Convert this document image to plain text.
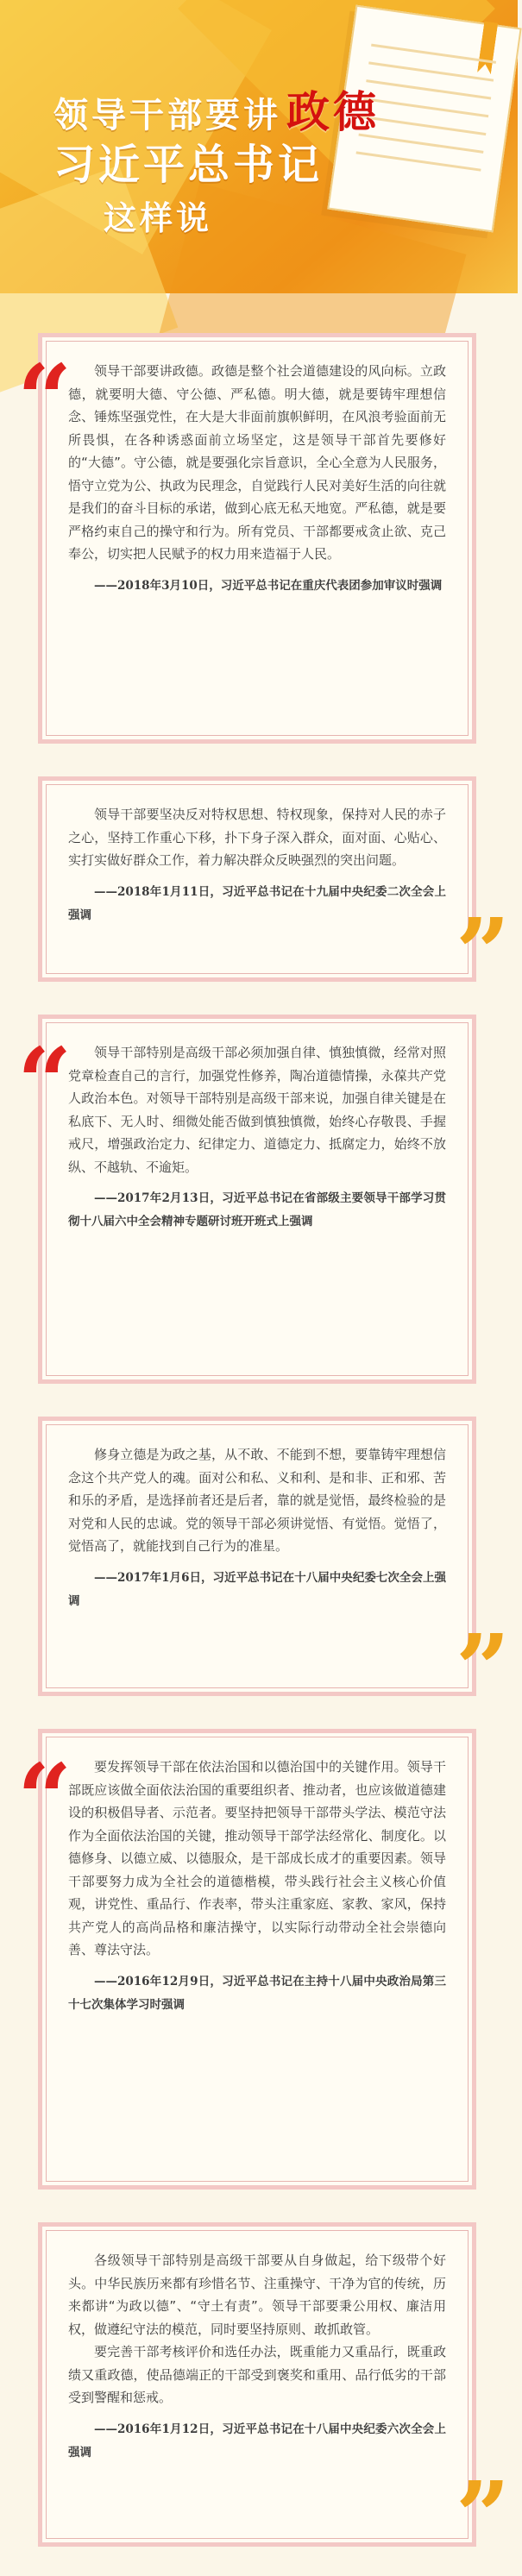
领导干部要讲 政德
习近平总书记
这样说

领导干部要讲政德。政德是整个社会道德建设的风向标。立政德，就要明大德、守公德、严私德。明大德，就是要铸牢理想信念、锤炼坚强党性，在大是大非面前旗帜鲜明，在风浪考验面前无所畏惧，在各种诱惑面前立场坚定，这是领导干部首先要修好的“大德”。守公德，就是要强化宗旨意识，全心全意为人民服务，悟守立党为公、执政为民理念，自觉践行人民对美好生活的向往就是我们的奋斗目标的承诺，做到心底无私天地宽。严私德，就是要严格约束自己的操守和行为。所有党员、干部都要戒贪止欲、克己奉公，切实把人民赋予的权力用来造福于人民。

——2018年3月10日，习近平总书记在重庆代表团参加审议时强调
“

领导干部要坚决反对特权思想、特权现象，保持对人民的赤子之心，坚持工作重心下移，扑下身子深入群众，面对面、心贴心、实打实做好群众工作，着力解决群众反映强烈的突出问题。

——2018年1月11日，习近平总书记在十九届中央纪委二次全会上强调	”

领导干部特别是高级干部必须加强自律、慎独慎微，经常对照党章检查自己的言行，加强党性修养，陶冶道德情操，永葆共产党人政治本色。对领导干部特别是高级干部来说，加强自律关键是在私底下、无人时、细微处能否做到慎独慎微，始终心存敬畏、手握戒尺，增强政治定力、纪律定力、道德定力、抵腐定力，始终不放纵、不越轨、不逾矩。

——2017年2月13日，习近平总书记在省部级主要领导干部学习贯彻十八届六中全会精神专题研讨班开班式上强调
“

修身立德是为政之基，从不敢、不能到不想，要靠铸牢理想信念这个共产党人的魂。面对公和私、义和利、是和非、正和邪、苦和乐的矛盾，是选择前者还是后者，靠的就是觉悟，最终检验的是对党和人民的忠诚。党的领导干部必须讲觉悟、有觉悟。觉悟了，觉悟高了，就能找到自己行为的准星。

——2017年1月6日，习近平总书记在十八届中央纪委七次全会上强调
”

要发挥领导干部在依法治国和以德治国中的关键作用。领导干部既应该做全面依法治国的重要组织者、推动者，也应该做道德建设的积极倡导者、示范者。要坚持把领导干部带头学法、模范守法作为全面依法治国的关键，推动领导干部学法经常化、制度化。以德修身、以德立威、以德服众，是干部成长成才的重要因素。领导干部要努力成为全社会的道德楷模，带头践行社会主义核心价值观，讲党性、重品行、作表率，带头注重家庭、家教、家风，保持共产党人的高尚品格和廉洁操守，以实际行动带动全社会崇德向善、尊法守法。

——2016年12月9日，习近平总书记在主持十八届中央政治局第三十七次集体学习时强调
“

各级领导干部特别是高级干部要从自身做起，给下级带个好头。中华民族历来都有珍惜名节、注重操守、干净为官的传统，历来都讲“为政以德”、“守土有责”。领导干部要秉公用权、廉洁用权，做遵纪守法的模范，同时要坚持原则、敢抓敢管。

要完善干部考核评价和选任办法，既重能力又重品行，既重政绩又重政德，使品德端正的干部受到褒奖和重用、品行低劣的干部受到警醒和惩戒。

——2016年1月12日，习近平总书记在十八届中央纪委六次全会上强调
”
